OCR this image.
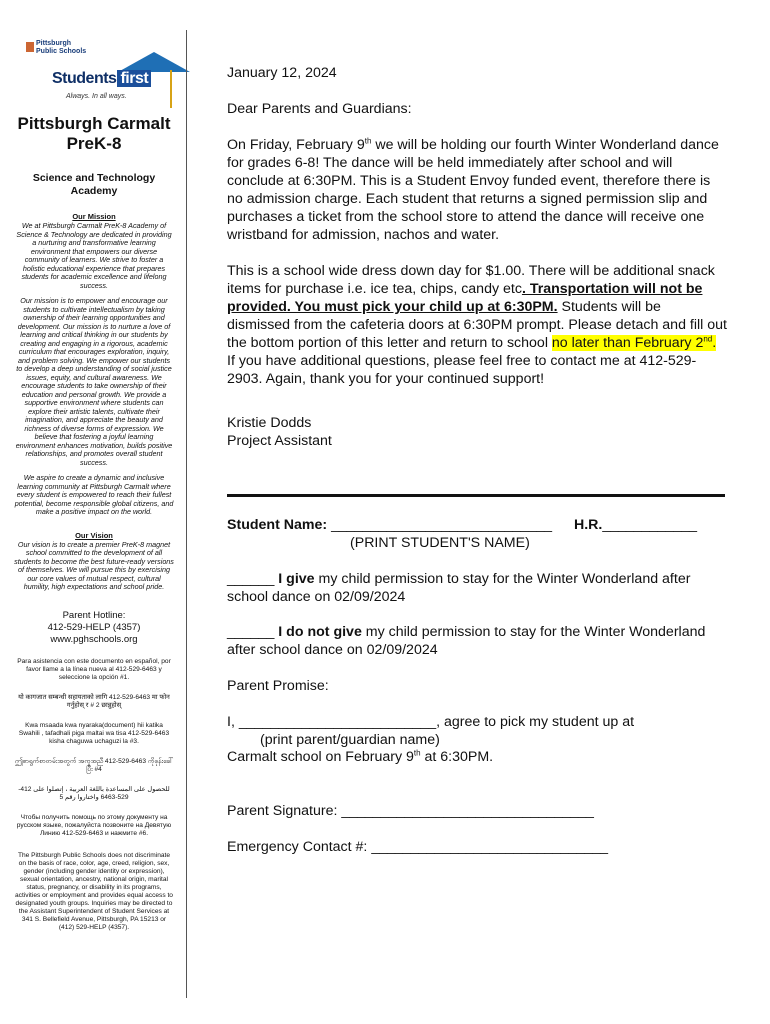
Pittsburgh
Public Schools
Students first
Always. In all ways.
Pittsburgh Carmalt PreK-8
Science and Technology Academy
Our Mission
We at Pittsburgh Carmalt PreK-8 Academy of Science & Technology are dedicated in providing a nurturing and transformative learning environment that empowers our diverse community of learners. We strive to foster a holistic educational experience that prepares students for academic excellence and lifelong success.
Our mission is to empower and encourage our students to cultivate intellectualism by taking ownership of their learning opportunities and development. Our mission is to nurture a love of learning and critical thinking in our students by creating and engaging in a rigorous, academic curriculum that encourages exploration, inquiry, and problem solving. We empower our students to develop a deep understanding of social justice issues, equity, and cultural awareness. We encourage students to take ownership of their education and personal growth. We provide a supportive environment where students can explore their artistic talents, cultivate their imagination, and appreciate the beauty and richness of diverse forms of expression. We believe that fostering a joyful learning environment enhances motivation, builds positive relationships, and promotes overall student success.
We aspire to create a dynamic and inclusive learning community at Pittsburgh Carmalt where every student is empowered to reach their fullest potential, become responsible global citizens, and make a positive impact on the world.
Our Vision
Our vision is to create a premier PreK-8 magnet school committed to the development of all students to become the best future-ready versions of themselves. We will pursue this by exercising our core values of mutual respect, cultural humility, high expectations and school pride.
Parent Hotline:
412-529-HELP (4357)
www.pghschools.org
Para asistencia con este documento en español, por favor llame a la línea nueva al 412-529-6463 y seleccione la opción #1.
यो कागजात सम्बन्धी सहायताको लागि 412-529-6463 मा फोन गर्नुहोस् र # 2 छान्नुहोस्
Kwa msaada kwa nyaraka(document) hii katika Swahili , tafadhali piga maltai wa tisa 412-529-6463 kisha chaguwa uchaguzi la #3.
ဤစာရွက်စာတမ်းအတွက် အကူအညီ 412-529-6463 ကိုဖုန်းခေါ်ပြီး #4
للحصول على المساعدة باللغة العربية ، إتصلوا على 412-529-6463 واختاروا رقم 5
Чтобы получить помощь по этому документу на русском языке, пожалуйста позвоните на Девятую Линию 412-529-6463 и нажмите #6.
The Pittsburgh Public Schools does not discriminate on the basis of race, color, age, creed, religion, sex, gender (including gender identity or expression), sexual orientation, ancestry, national origin, marital status, pregnancy, or disability in its programs, activities or employment and provides equal access to designated youth groups. Inquiries may be directed to the Assistant Superintendent of Student Services at 341 S. Bellefield Avenue, Pittsburgh, PA 15213 or (412) 529-HELP (4357).

January 12, 2024

Dear Parents and Guardians:

On Friday, February 9th we will be holding our fourth Winter Wonderland dance for grades 6-8! The dance will be held immediately after school and will conclude at 6:30PM. This is a Student Envoy funded event, therefore there is no admission charge. Each student that returns a signed permission slip and purchases a ticket from the school store to attend the dance will receive one wristband for admission, nachos and water.

This is a school wide dress down day for $1.00. There will be additional snack items for purchase i.e. ice tea, chips, candy etc. Transportation will not be provided. You must pick your child up at 6:30PM. Students will be dismissed from the cafeteria doors at 6:30PM prompt. Please detach and fill out the bottom portion of this letter and return to school no later than February 2nd. If you have additional questions, please feel free to contact me at 412-529-2903. Again, thank you for your continued support!

Kristie Dodds

Project Assistant

Student Name: ____________________________ H.R.____________
(PRINT STUDENT'S NAME)
______ I give my child permission to stay for the Winter Wonderland after school dance on 02/09/2024
______ I do not give my child permission to stay for the Winter Wonderland after school dance on 02/09/2024
Parent Promise:
I, _________________________, agree to pick my student up at
(print parent/guardian name)
Carmalt school on February 9th at 6:30PM.
Parent Signature: ________________________________
Emergency Contact #: ______________________________
